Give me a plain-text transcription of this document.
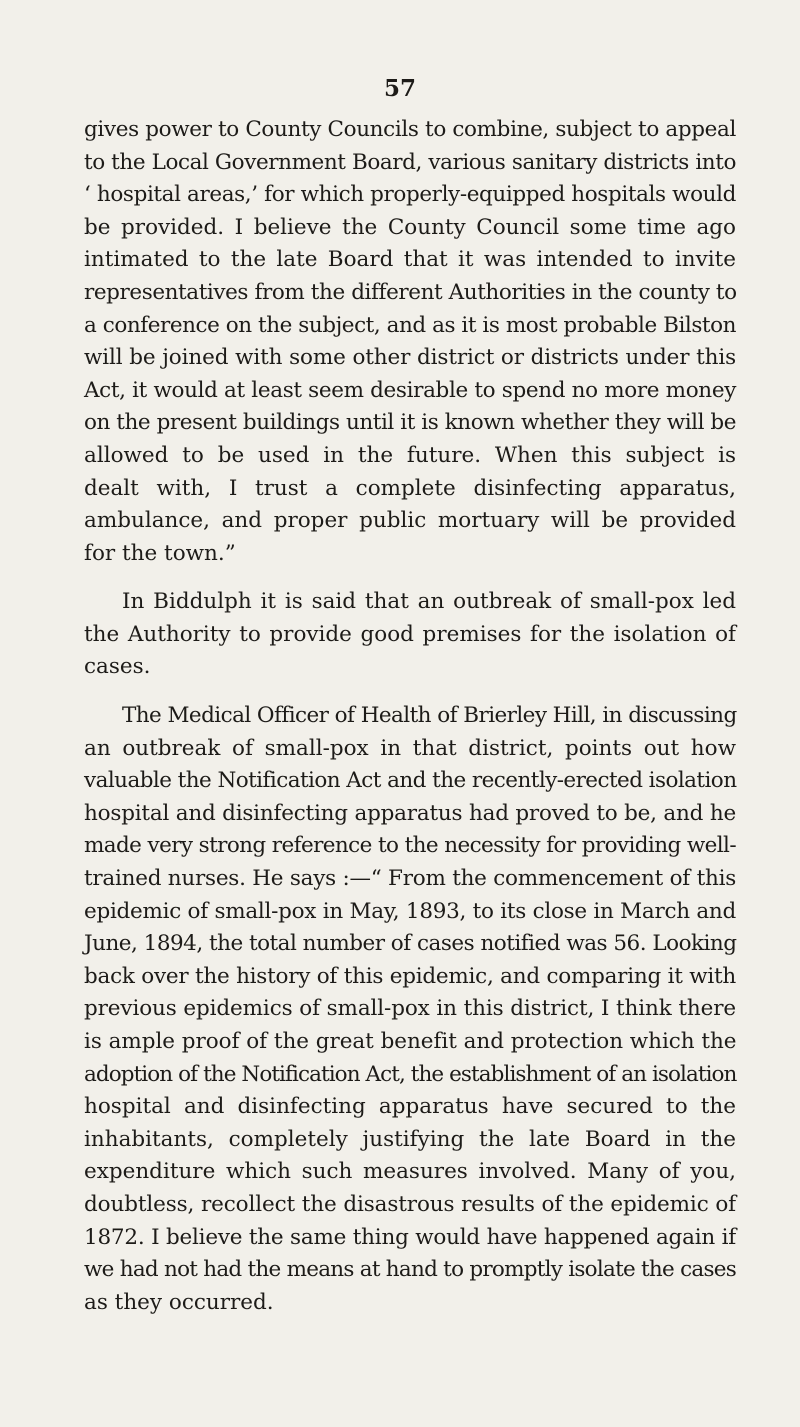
57
gives power to County Councils to combine, subject to appeal
to the Local Government Board, various sanitary districts into
‘ hospital areas,’ for which properly-equipped hospitals would
be provided. I believe the County Council some time ago
intimated to the late Board that it was intended to invite
representatives from the different Authorities in the county to
a conference on the subject, and as it is most probable Bilston
will be joined with some other district or districts under this
Act, it would at least seem desirable to spend no more money
on the present buildings until it is known whether they will be
allowed to be used in the future. When this subject is
dealt with, I trust a complete disinfecting apparatus,
ambulance, and proper public mortuary will be provided
for the town.”
In Biddulph it is said that an outbreak of small-pox led
the Authority to provide good premises for the isolation of
cases.
The Medical Officer of Health of Brierley Hill, in discussing
an outbreak of small-pox in that district, points out how
valuable the Notification Act and the recently-erected isolation
hospital and disinfecting apparatus had proved to be, and he
made very strong reference to the necessity for providing well-
trained nurses. He says :—“ From the commencement of this
epidemic of small-pox in May, 1893, to its close in March and
June, 1894, the total number of cases notified was 56. Looking
back over the history of this epidemic, and comparing it with
previous epidemics of small-pox in this district, I think there
is ample proof of the great benefit and protection which the
adoption of the Notification Act, the establishment of an isolation
hospital and disinfecting apparatus have secured to the
inhabitants, completely justifying the late Board in the
expenditure which such measures involved. Many of you,
doubtless, recollect the disastrous results of the epidemic of
1872. I believe the same thing would have happened again if
we had not had the means at hand to promptly isolate the cases
as they occurred.
